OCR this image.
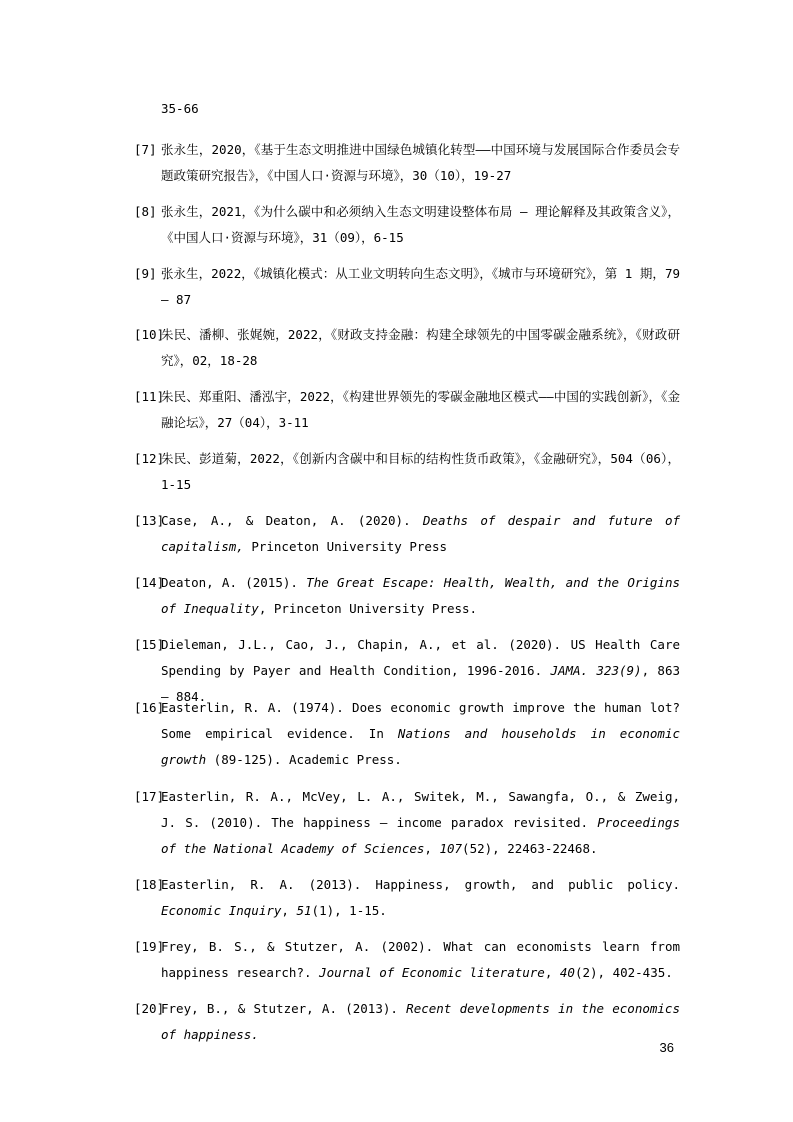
35-66
[7] 张永生，2020，《基于生态文明推进中国绿色城镇化转型——中国环境与发展国际合作委员会专题政策研究报告》，《中国人口·资源与环境》，30（10），19-27
[8] 张永生，2021，《为什么碳中和必须纳入生态文明建设整体布局 – 理论解释及其政策含义》，《中国人口·资源与环境》，31（09），6-15
[9] 张永生，2022，《城镇化模式：从工业文明转向生态文明》，《城市与环境研究》，第 1 期，79 – 87
[10]
朱民、潘柳、张娓婉，2022，《财政支持金融：构建全球领先的中国零碳金融系统》，《财政研究》，02，18-28
[11]
朱民、郑重阳、潘泓宇，2022，《构建世界领先的零碳金融地区模式——中国的实践创新》，《金融论坛》，27（04），3-11
[12]
朱民、彭道菊，2022，《创新内含碳中和目标的结构性货币政策》，《金融研究》，504（06），1-15
[13]
Case, A., & Deaton, A. (2020). Deaths of despair and future of capitalism, Princeton University Press
[14]
Deaton, A. (2015). The Great Escape: Health, Wealth, and the Origins of Inequality, Princeton University Press.
[15]
Dieleman, J.L., Cao, J., Chapin, A., et al. (2020). US Health Care Spending by Payer and Health Condition, 1996-2016. JAMA. 323(9), 863 – 884.
[16]
Easterlin, R. A. (1974). Does economic growth improve the human lot? Some empirical evidence. In Nations and households in economic growth (89-125). Academic Press.
[17]
Easterlin, R. A., McVey, L. A., Switek, M., Sawangfa, O., & Zweig, J. S. (2010). The happiness – income paradox revisited. Proceedings of the National Academy of Sciences, 107(52), 22463-22468.
[18]
Easterlin, R. A. (2013). Happiness, growth, and public policy. Economic Inquiry, 51(1), 1-15.
[19]
Frey, B. S., & Stutzer, A. (2002). What can economists learn from happiness research?. Journal of Economic literature, 40(2), 402-435.
[20]
Frey, B., & Stutzer, A. (2013). Recent developments in the economics of happiness.
36
